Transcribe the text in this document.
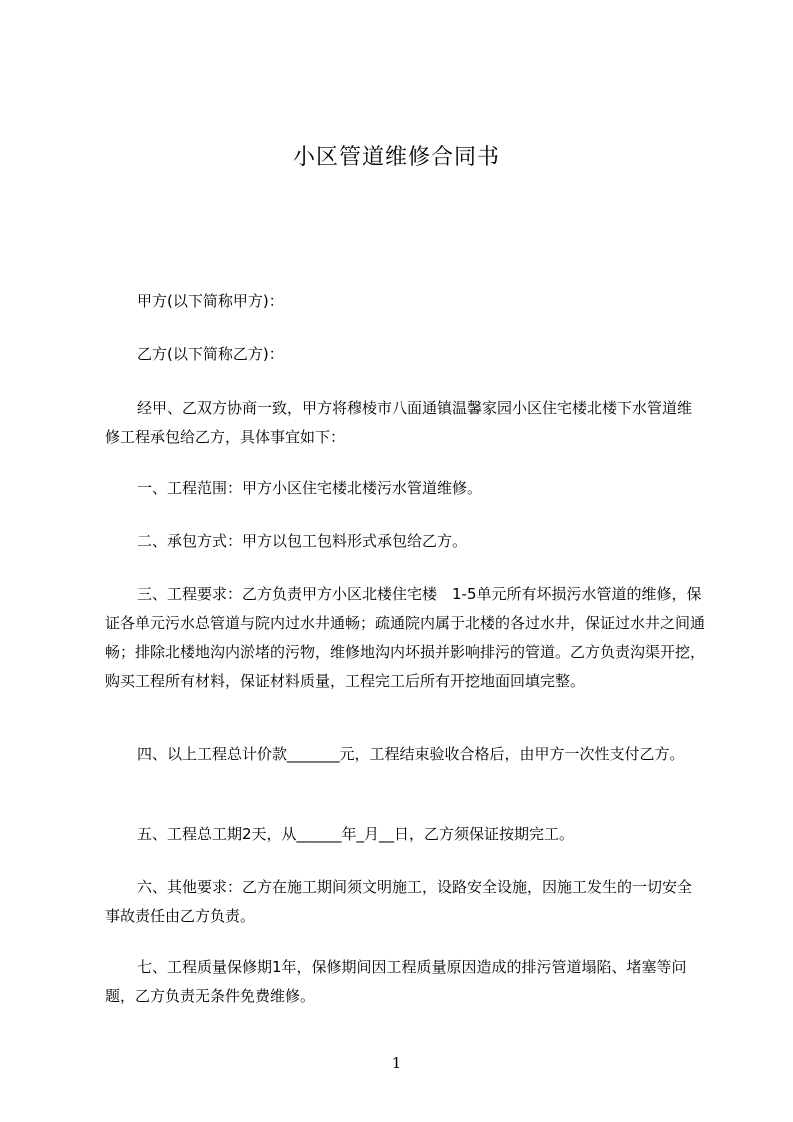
小区管道维修合同书

甲方(以下简称甲方)：

乙方(以下简称乙方)：

经甲、乙双方协商一致，甲方将穆棱市八面通镇温馨家园小区住宅楼北楼下水管道维修工程承包给乙方，具体事宜如下：

一、工程范围：甲方小区住宅楼北楼污水管道维修。

二、承包方式：甲方以包工包料形式承包给乙方。

三、工程要求：乙方负责甲方小区北楼住宅楼　1-5单元所有坏损污水管道的维修，保证各单元污水总管道与院内过水井通畅；疏通院内属于北楼的各过水井，保证过水井之间通畅；排除北楼地沟内淤堵的污物，维修地沟内坏损并影响排污的管道。乙方负责沟渠开挖，购买工程所有材料，保证材料质量，工程完工后所有开挖地面回填完整。

四、以上工程总计价款_______元，工程结束验收合格后，由甲方一次性支付乙方。

五、工程总工期2天，从______年_月__日，乙方须保证按期完工。

六、其他要求：乙方在施工期间须文明施工，设路安全设施，因施工发生的一切安全事故责任由乙方负责。

七、工程质量保修期1年，保修期间因工程质量原因造成的排污管道塌陷、堵塞等问题，乙方负责无条件免费维修。

1
